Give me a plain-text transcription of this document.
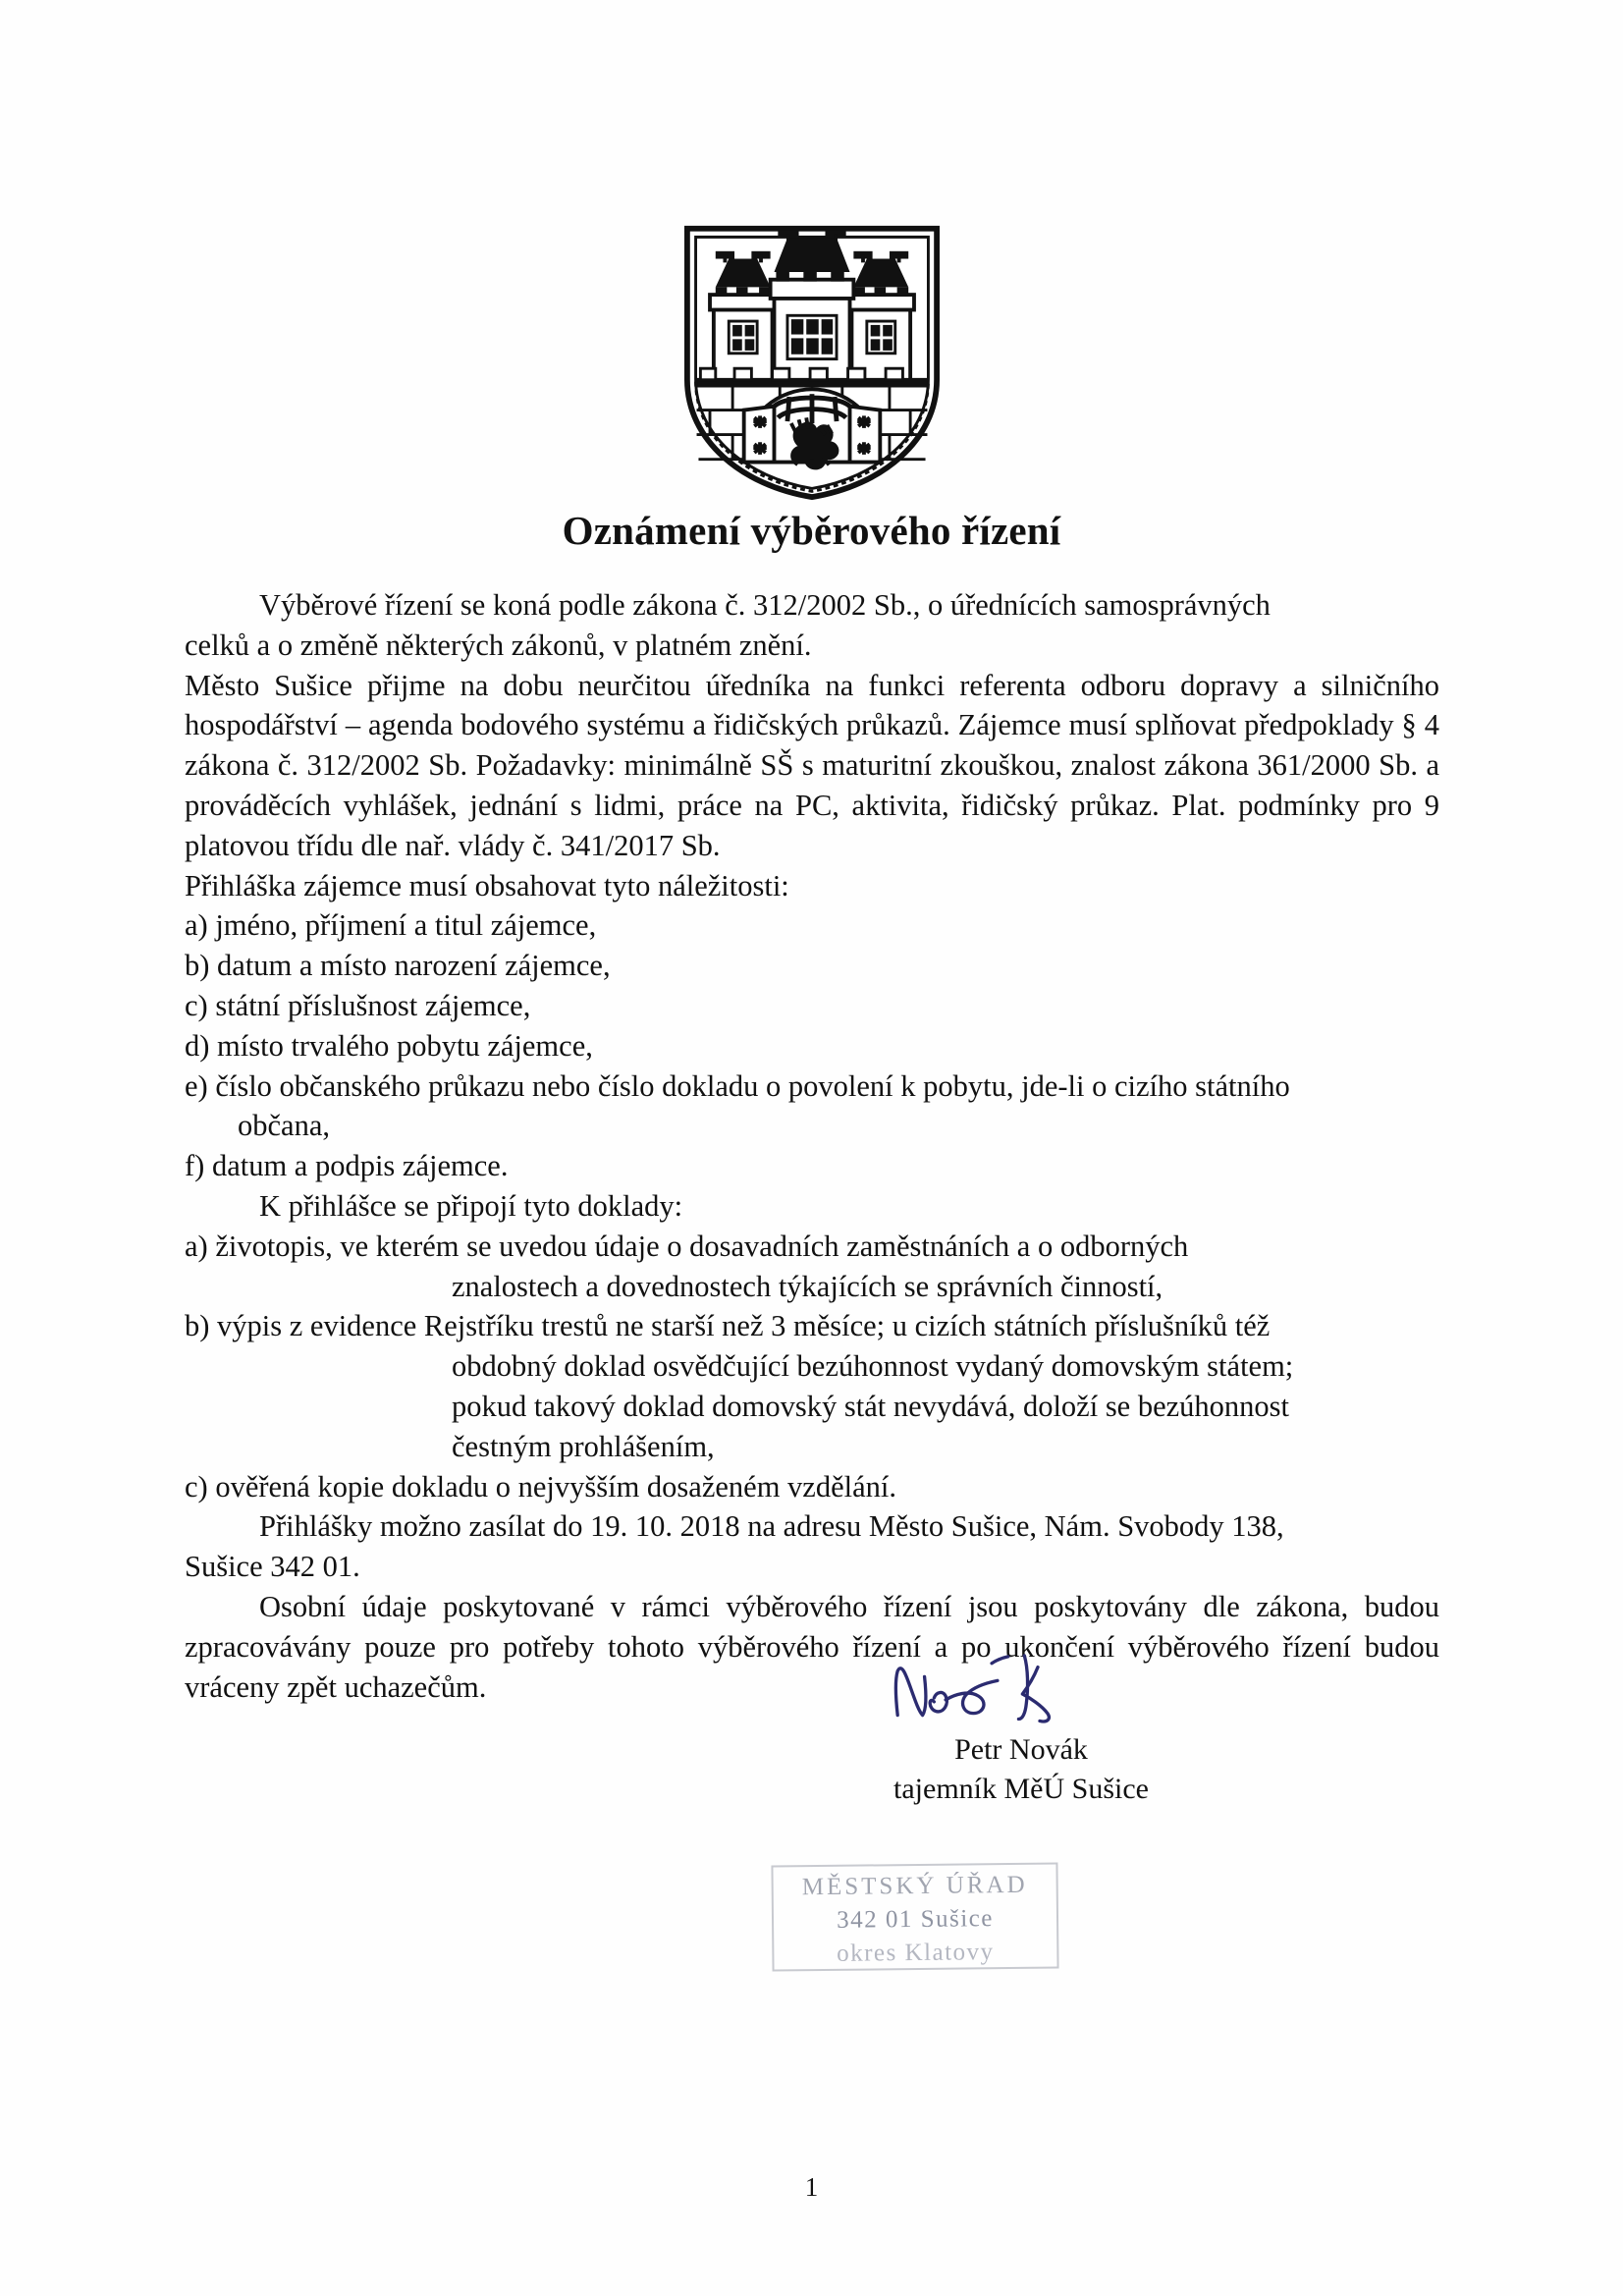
Oznámení výběrového řízení

Výběrové řízení se koná podle zákona č. 312/2002 Sb., o úřednících samosprávných

celků a o změně některých zákonů, v platném znění.

Město Sušice přijme na dobu neurčitou úředníka na funkci referenta odboru dopravy a silničního hospodářství – agenda bodového systému a řidičských průkazů. Zájemce musí splňovat předpoklady § 4 zákona č. 312/2002 Sb. Požadavky: minimálně SŠ s maturitní zkouškou, znalost zákona 361/2000 Sb. a prováděcích vyhlášek, jednání s lidmi, práce na PC, aktivita, řidičský průkaz. Plat. podmínky pro 9 platovou třídu dle nař. vlády č. 341/2017 Sb.

Přihláška zájemce musí obsahovat tyto náležitosti:

a) jméno, příjmení a titul zájemce,

b) datum a místo narození zájemce,

c) státní příslušnost zájemce,

d) místo trvalého pobytu zájemce,

e) číslo občanského průkazu nebo číslo dokladu o povolení k pobytu, jde-li o cizího státního

občana,

f) datum a podpis zájemce.

K přihlášce se připojí tyto doklady:

a) životopis, ve kterém se uvedou údaje o dosavadních zaměstnáních a o odborných

znalostech a dovednostech týkajících se správních činností,

b) výpis z evidence Rejstříku trestů ne starší než 3 měsíce; u cizích státních příslušníků též

obdobný doklad osvědčující bezúhonnost vydaný domovským státem;

pokud takový doklad domovský stát nevydává, doloží se bezúhonnost

čestným prohlášením,

c) ověřená kopie dokladu o nejvyšším dosaženém vzdělání.

Přihlášky možno zasílat do 19. 10. 2018 na adresu Město Sušice, Nám. Svobody 138,

Sušice 342 01.

Osobní údaje poskytované v rámci výběrového řízení jsou poskytovány dle zákona, budou zpracovávány pouze pro potřeby tohoto výběrového řízení a po ukončení výběrového řízení budou vráceny zpět uchazečům.

Petr Novák

tajemník MěÚ Sušice

MĚSTSKÝ ÚŘAD
342 01 Sušice
okres Klatovy
1
